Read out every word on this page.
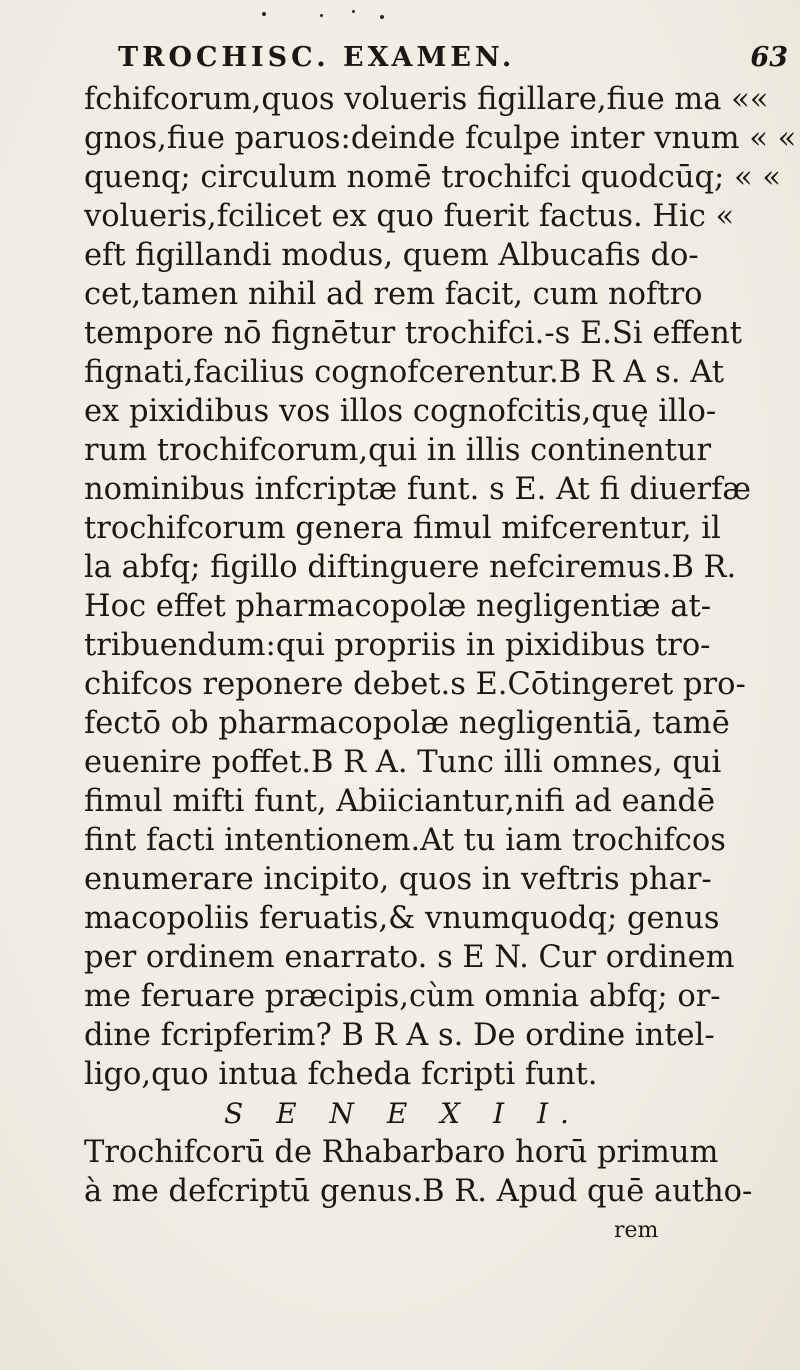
TROCHISC. EXAMEN.	63
fchifcorum,quos volueris figillare,fiue ma ««
gnos,fiue paruos:deinde fculpe inter vnum « «
quenq; circulum nomē trochifci quodcūq; « «
volueris,fcilicet ex quo fuerit factus. Hic «
eft figillandi modus, quem Albucafis do-
cet,tamen nihil ad rem facit, cum noftro
tempore nō fignētur trochifci.-s E.Si effent
fignati,facilius cognofcerentur.B R A s. At
ex pixidibus vos illos cognofcitis,quę illo-
rum trochifcorum,qui in illis continentur
nominibus infcriptæ funt. s E. At fi diuerfæ
trochifcorum genera fimul mifcerentur, il
la abfq; figillo diftinguere nefciremus.B R.
Hoc effet pharmacopolæ negligentiæ at-
tribuendum:qui propriis in pixidibus tro-
chifcos reponere debet.s E.Cōtingeret pro-
fectō ob pharmacopolæ negligentiā, tamē
euenire poffet.B R A. Tunc illi omnes, qui
fimul mifti funt, Abiiciantur,nifi ad eandē
fint facti intentionem.At tu iam trochifcos
enumerare incipito, quos in veftris phar-
macopoliis feruatis,& vnumquodq; genus
per ordinem enarrato. s E N. Cur ordinem
me feruare præcipis,cùm omnia abfq; or-
dine fcripferim? B R A s. De ordine intel-
ligo,quo intua fcheda fcripti funt.
S E N E X I I.
Trochifcorū de Rhabarbaro horū primum
à me defcriptū genus.B R. Apud quē autho-
rem
